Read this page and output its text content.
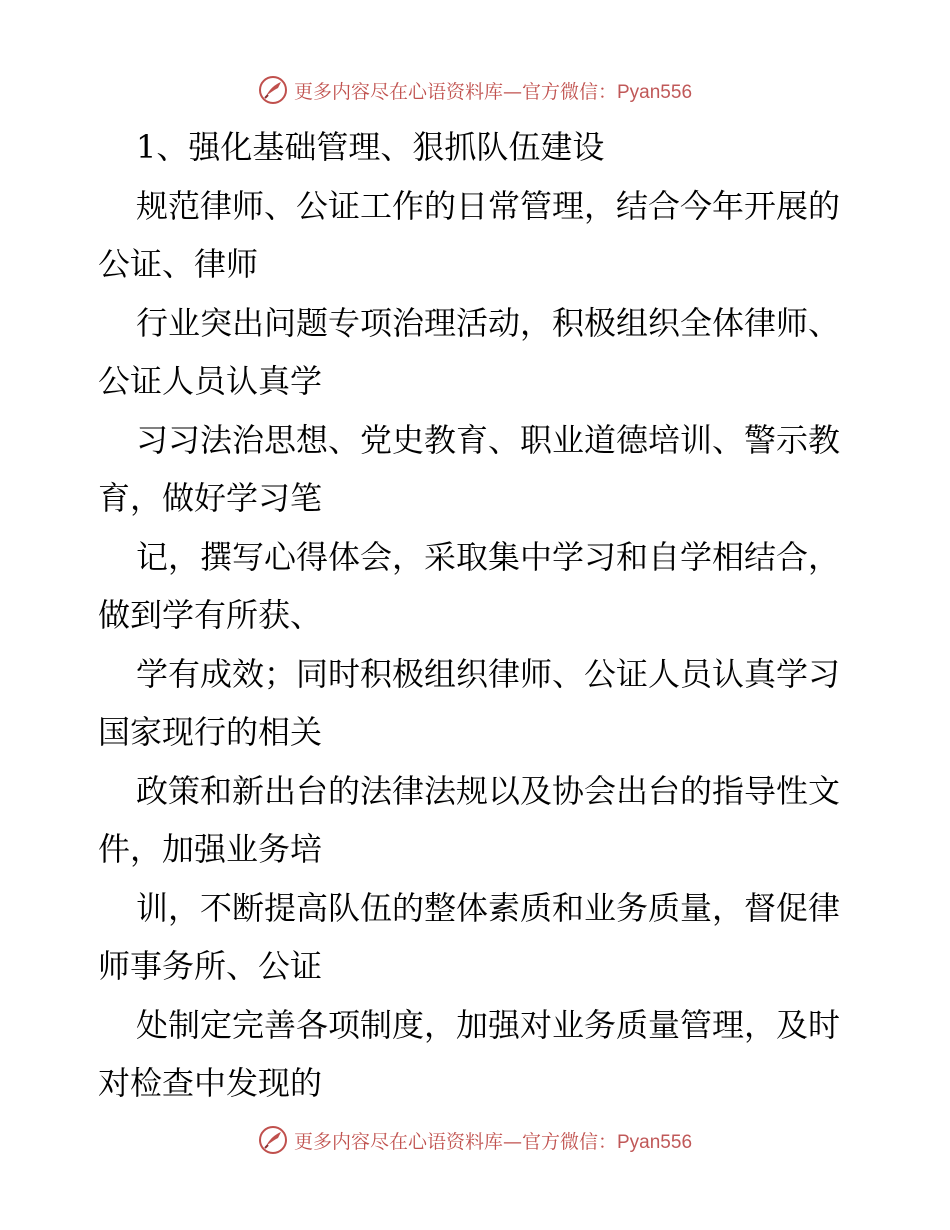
更多内容尽在心语资料库—官方微信：Pyan556

1、强化基础管理、狠抓队伍建设

规范律师、公证工作的日常管理，结合今年开展的公证、律师

行业突出问题专项治理活动，积极组织全体律师、公证人员认真学

习习法治思想、党史教育、职业道德培训、警示教育，做好学习笔

记，撰写心得体会，采取集中学习和自学相结合，做到学有所获、

学有成效；同时积极组织律师、公证人员认真学习国家现行的相关

政策和新出台的法律法规以及协会出台的指导性文件，加强业务培

训，不断提高队伍的整体素质和业务质量，督促律师事务所、公证

处制定完善各项制度，加强对业务质量管理，及时对检查中发现的

更多内容尽在心语资料库—官方微信：Pyan556
